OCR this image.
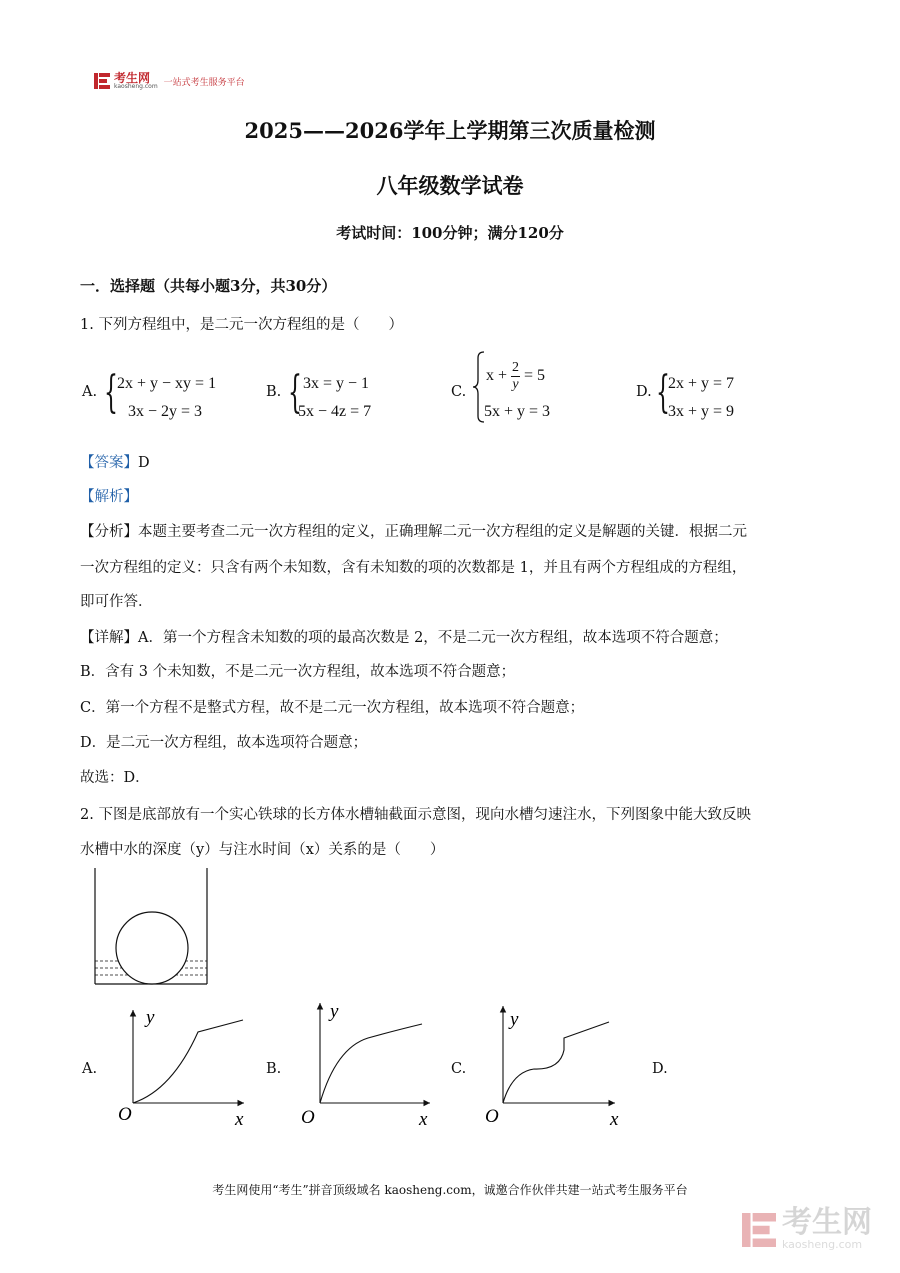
考生网
kaosheng.com 一站式考生服务平台
2025——2026学年上学期第三次质量检测
八年级数学试卷
考试时间：100分钟；满分120分
一．选择题（共每小题3分，共30分）
1. 下列方程组中，是二元一次方程组的是（　　）
A. { 2x + y − xy = 1
3x − 2y = 3
B. { 3x = y − 1
5x − 4z = 7
C.
$x + \frac{2}{y} = 5$
5x + y = 3
D. {
2x + y = 7
3x + y = 9
【答案】D
【解析】
【分析】本题主要考查二元一次方程组的定义，正确理解二元一次方程组的定义是解题的关键．根据二元
一次方程组的定义：只含有两个未知数，含有未知数的项的次数都是 1，并且有两个方程组成的方程组，
即可作答．
【详解】A．第一个方程含未知数的项的最高次数是 2，不是二元一次方程组，故本选项不符合题意；
B．含有 3 个未知数，不是二元一次方程组，故本选项不符合题意；
C．第一个方程不是整式方程，故不是二元一次方程组，故本选项不符合题意；
D．是二元一次方程组，故本选项符合题意；
故选：D．
2. 下图是底部放有一个实心铁球的长方体水槽轴截面示意图，现向水槽匀速注水，下列图象中能大致反映
水槽中水的深度（y）与注水时间（x）关系的是（　　）
A.	B.	C.	D.
y
x
O
y
x
O
y
x
O
考生网使用“考生”拼音顶级域名 kaosheng.com，诚邀合作伙伴共建一站式考生服务平台
考生网
kaosheng.com
